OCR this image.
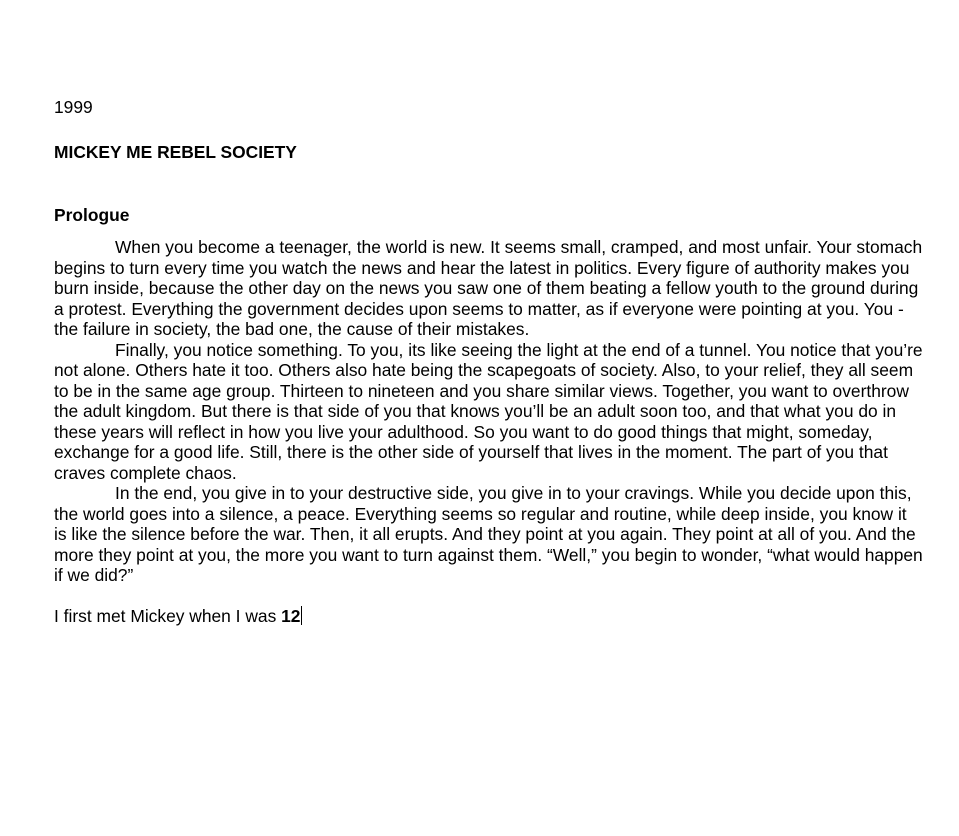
1999
MICKEY ME REBEL SOCIETY
Prologue

When you become a teenager, the world is new. It seems small, cramped, and most unfair. Your stomach begins to turn every time you watch the news and hear the latest in politics. Every figure of authority makes you burn inside, because the other day on the news you saw one of them beating a fellow youth to the ground during a protest. Everything the government decides upon seems to matter, as if everyone were pointing at you. You - the failure in society, the bad one, the cause of their mistakes.

Finally, you notice something. To you, its like seeing the light at the end of a tunnel. You notice that you’re not alone. Others hate it too. Others also hate being the scapegoats of society. Also, to your relief, they all seem to be in the same age group. Thirteen to nineteen and you share similar views. Together, you want to overthrow the adult kingdom. But there is that side of you that knows you’ll be an adult soon too, and that what you do in these years will reflect in how you live your adulthood. So you want to do good things that might, someday, exchange for a good life. Still, there is the other side of yourself that lives in the moment. The part of you that craves complete chaos.

In the end, you give in to your destructive side, you give in to your cravings. While you decide upon this, the world goes into a silence, a peace. Everything seems so regular and routine, while deep inside, you know it is like the silence before the war. Then, it all erupts. And they point at you again. They point at all of you. And the more they point at you, the more you want to turn against them. “Well,” you begin to wonder, “what would happen if we did?”

I first met Mickey when I was 12
